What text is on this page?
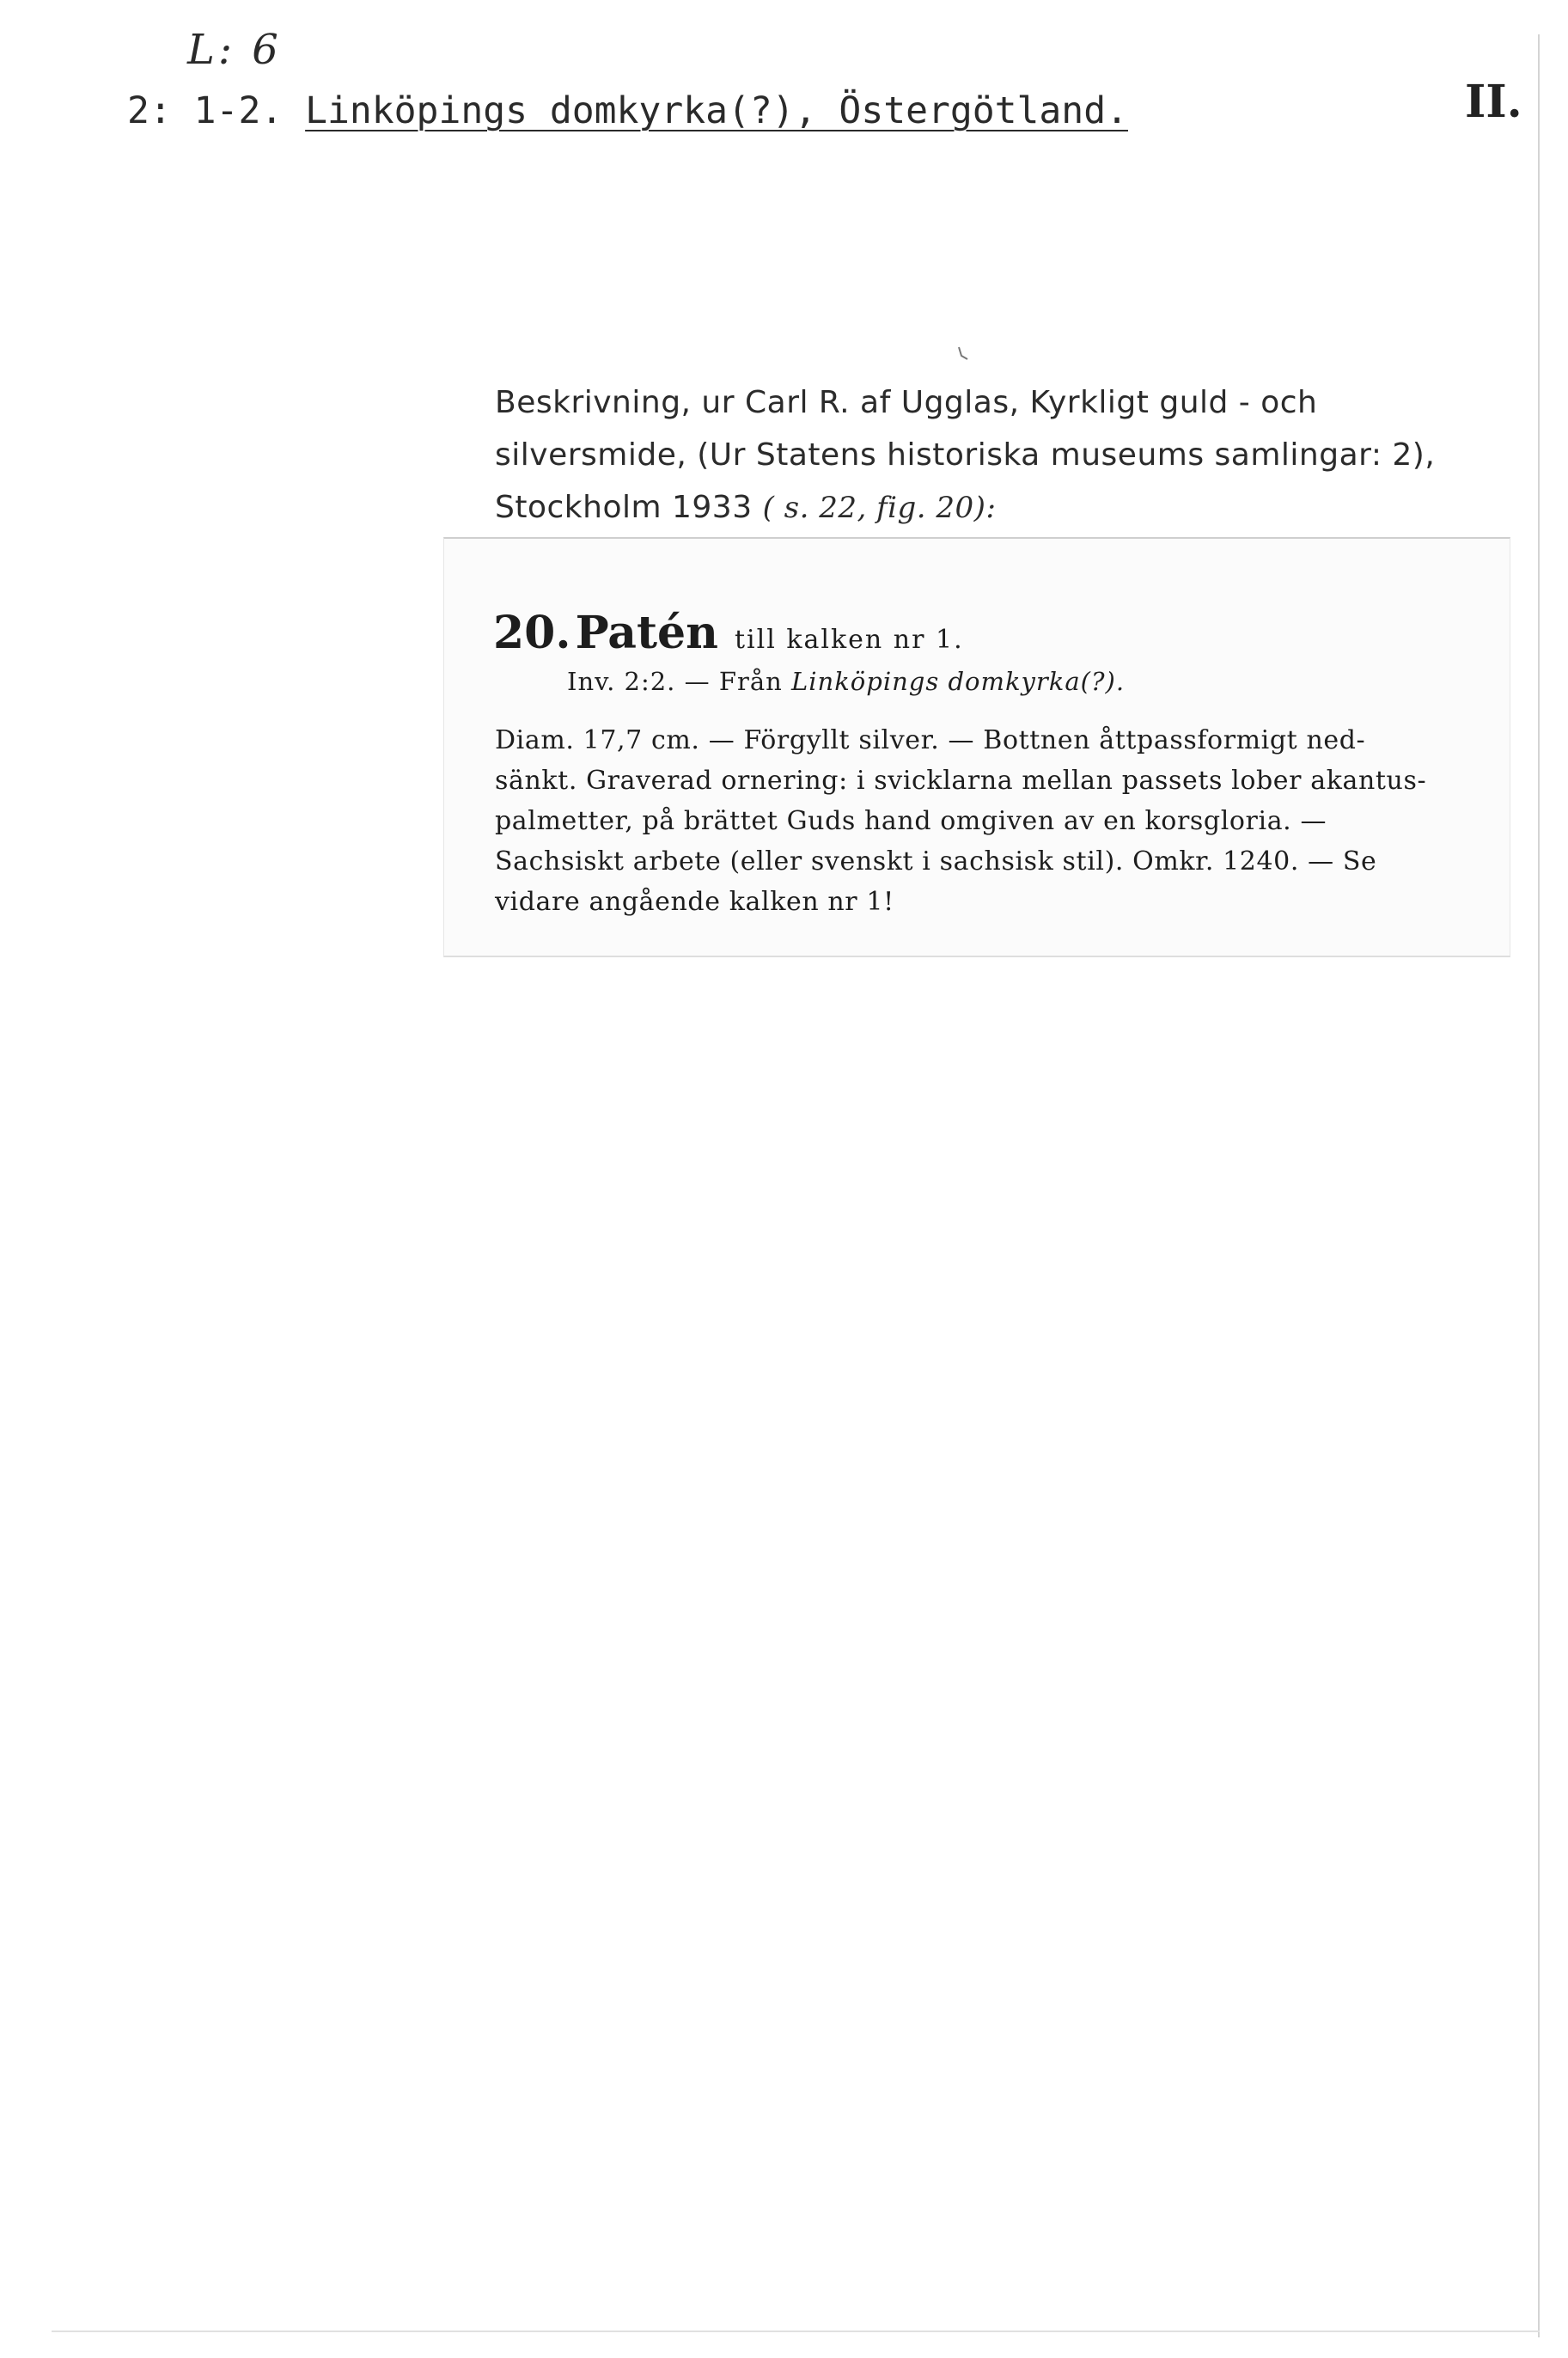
L: 6
II.
2: 1-2. Linköpings domkyrka(?), Östergötland.
Beskrivning, ur Carl R. af Ugglas, Kyrkligt guld - och
silversmide, (Ur Statens historiska museums samlingar: 2),
Stockholm 1933 ( s. 22, fig. 20):
20. Patén till kalken nr 1.
Inv. 2:2. — Från Linköpings domkyrka(?).
Diam. 17,7 cm. — Förgyllt silver. — Bottnen åttpassformigt ned-
sänkt. Graverad ornering: i svicklarna mellan passets lober akantus-
palmetter, på brättet Guds hand omgiven av en korsgloria. —
Sachsiskt arbete (eller svenskt i sachsisk stil). Omkr. 1240. — Se
vidare angående kalken nr 1!
